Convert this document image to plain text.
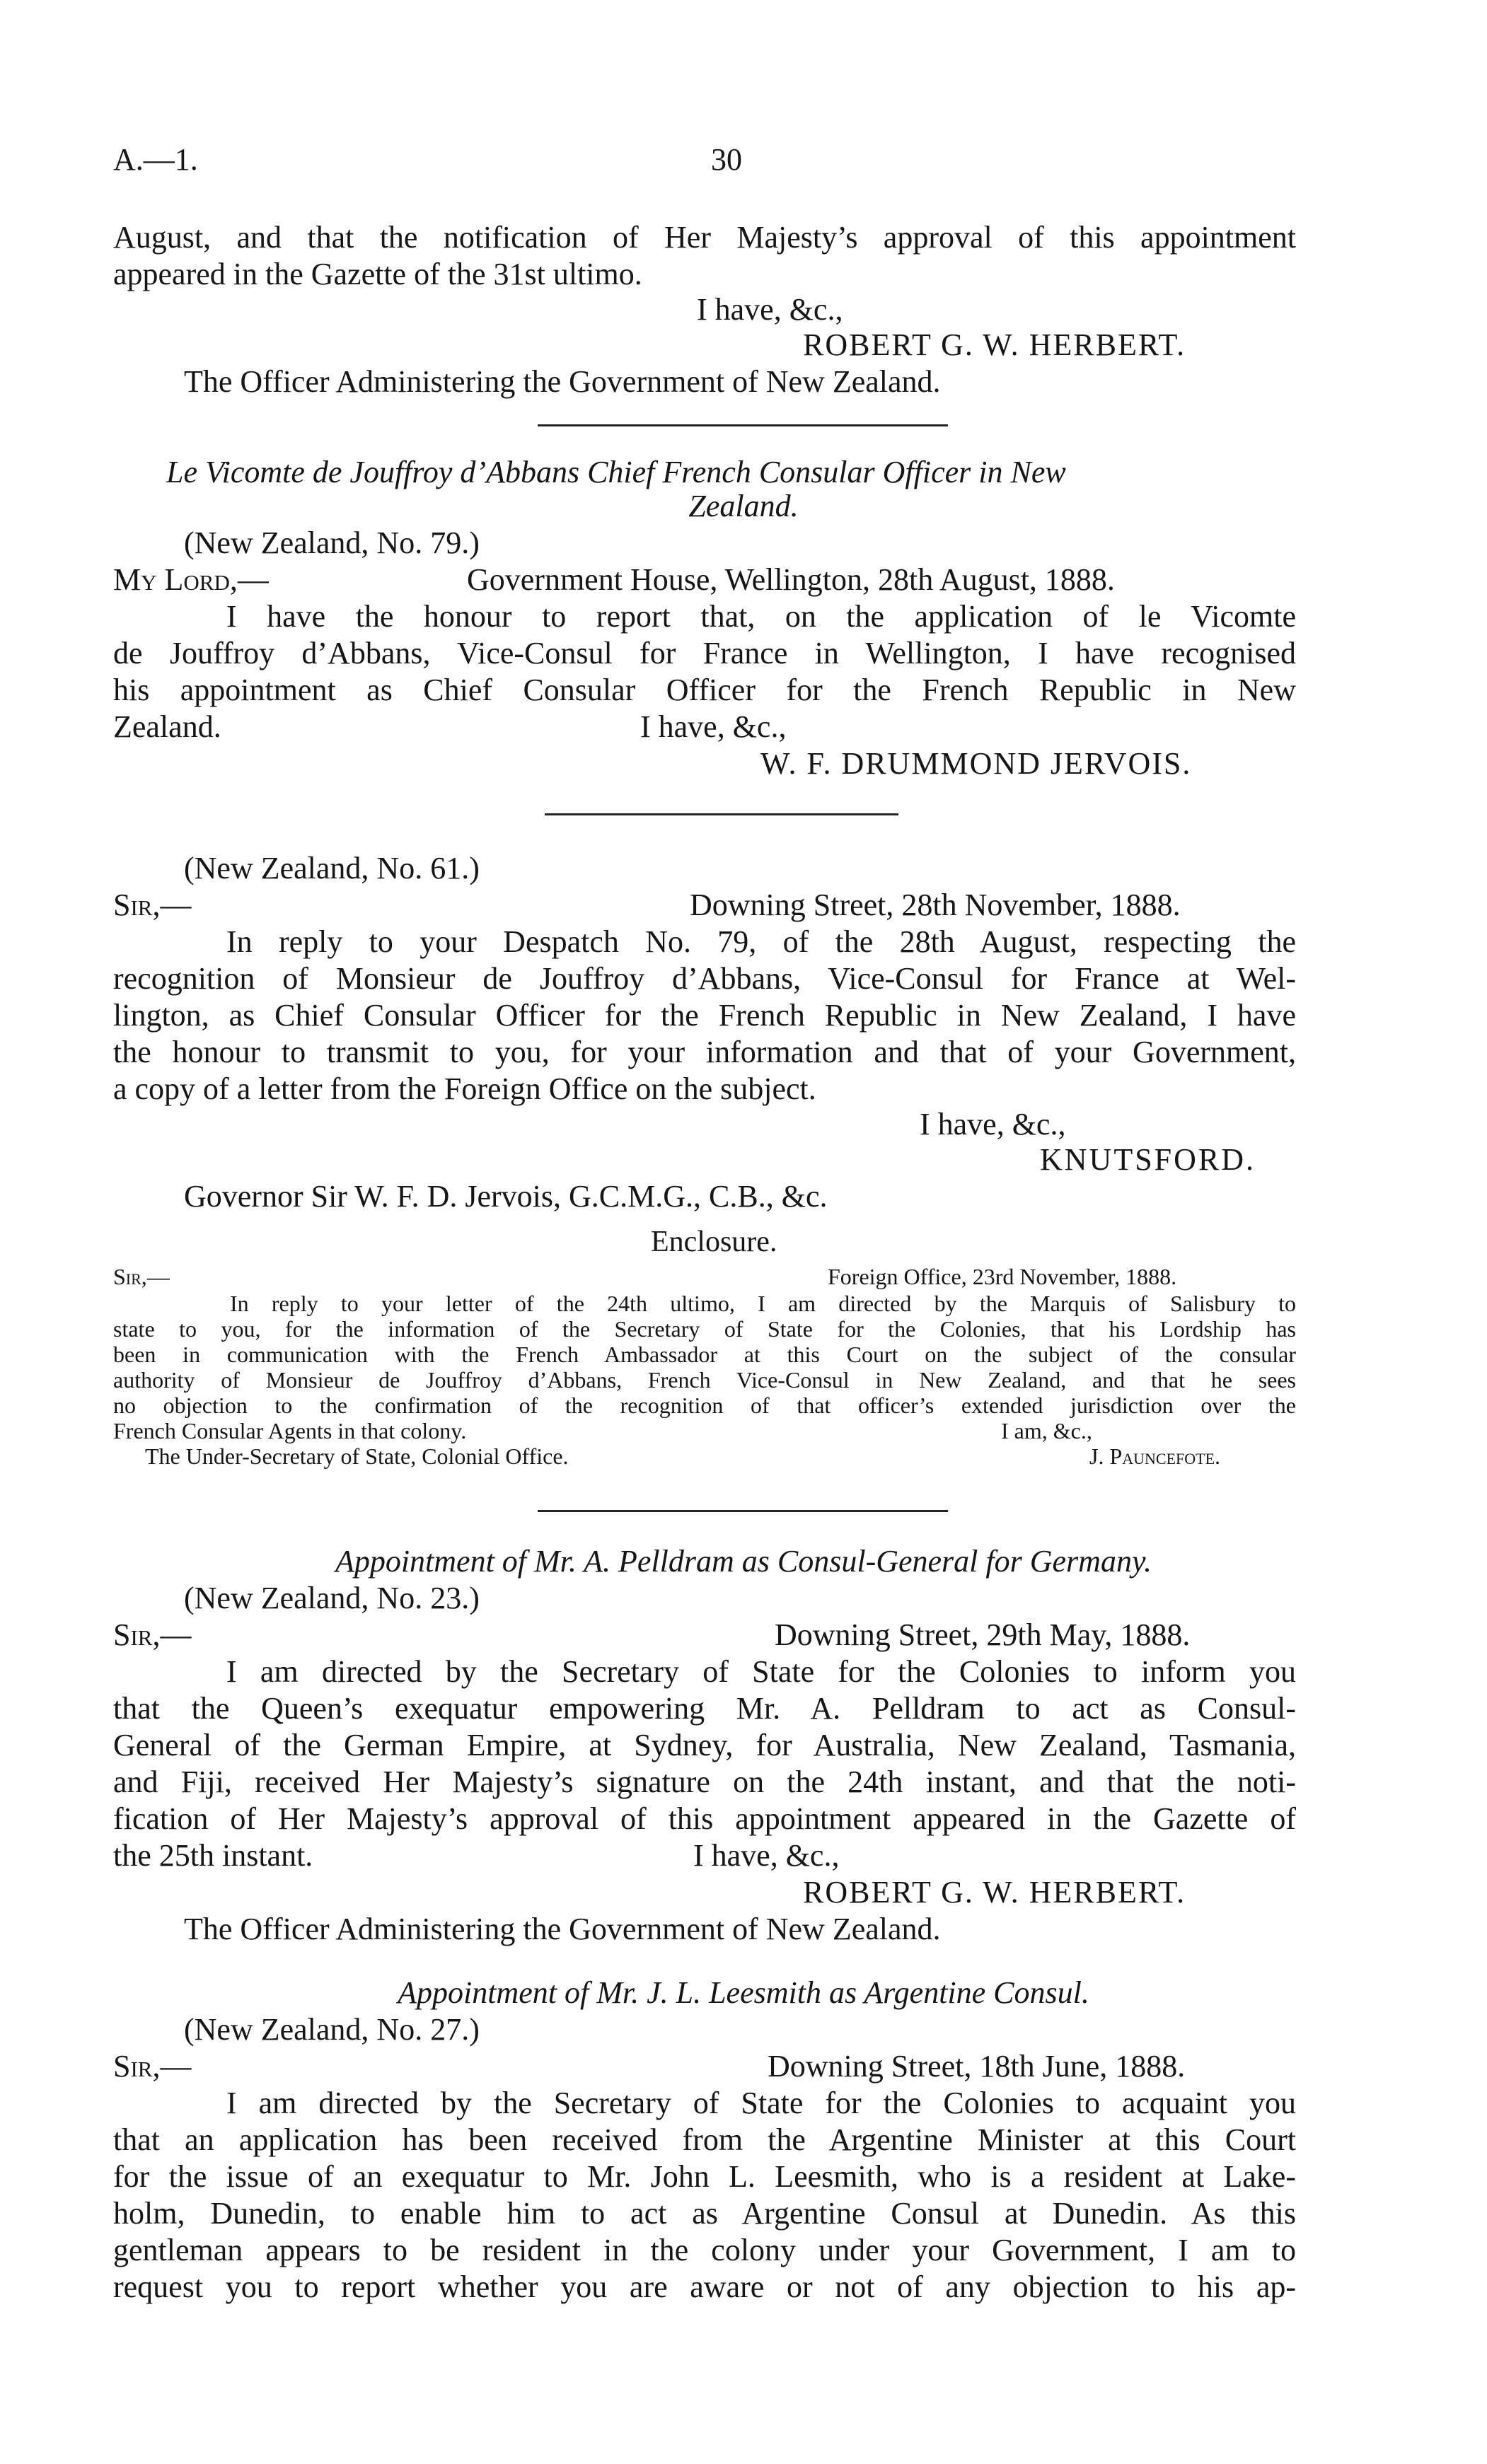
A.—1.	30
August, and that the notification of Her Majesty’s approval of this appointment
appeared in the Gazette of the 31st ultimo.
I have, &c.,
ROBERT G. W. HERBERT.
The Officer Administering the Government of New Zealand.
Le Vicomte de Jouffroy d’Abbans Chief French Consular Officer in New
Zealand.
(New Zealand, No. 79.)
My Lord,—	Government House, Wellington, 28th August, 1888.
I have the honour to report that, on the application of le Vicomte
de Jouffroy d’Abbans, Vice-Consul for France in Wellington, I have recognised
his appointment as Chief Consular Officer for the French Republic in New
Zealand.	I have, &c.,
W. F. DRUMMOND JERVOIS.
(New Zealand, No. 61.)
Sir,—	Downing Street, 28th November, 1888.
In reply to your Despatch No. 79, of the 28th August, respecting the
recognition of Monsieur de Jouffroy d’Abbans, Vice-Consul for France at Wel-
lington, as Chief Consular Officer for the French Republic in New Zealand, I have
the honour to transmit to you, for your information and that of your Government,
a copy of a letter from the Foreign Office on the subject.
I have, &c.,
KNUTSFORD.
Governor Sir W. F. D. Jervois, G.C.M.G., C.B., &c.
Enclosure.
Sir,—	Foreign Office, 23rd November, 1888.
In reply to your letter of the 24th ultimo, I am directed by the Marquis of Salisbury to
state to you, for the information of the Secretary of State for the Colonies, that his Lordship has
been in communication with the French Ambassador at this Court on the subject of the consular
authority of Monsieur de Jouffroy d’Abbans, French Vice-Consul in New Zealand, and that he sees
no objection to the confirmation of the recognition of that officer’s extended jurisdiction over the
French Consular Agents in that colony.	I am, &c.,
The Under-Secretary of State, Colonial Office.	J. Pauncefote.
Appointment of Mr. A. Pelldram as Consul-General for Germany.
(New Zealand, No. 23.)
Sir,—	Downing Street, 29th May, 1888.
I am directed by the Secretary of State for the Colonies to inform you
that the Queen’s exequatur empowering Mr. A. Pelldram to act as Consul-
General of the German Empire, at Sydney, for Australia, New Zealand, Tasmania,
and Fiji, received Her Majesty’s signature on the 24th instant, and that the noti-
fication of Her Majesty’s approval of this appointment appeared in the Gazette of
the 25th instant.	I have, &c.,
ROBERT G. W. HERBERT.
The Officer Administering the Government of New Zealand.
Appointment of Mr. J. L. Leesmith as Argentine Consul.
(New Zealand, No. 27.)
Sir,—	Downing Street, 18th June, 1888.
I am directed by the Secretary of State for the Colonies to acquaint you
that an application has been received from the Argentine Minister at this Court
for the issue of an exequatur to Mr. John L. Leesmith, who is a resident at Lake-
holm, Dunedin, to enable him to act as Argentine Consul at Dunedin. As this
gentleman appears to be resident in the colony under your Government, I am to
request you to report whether you are aware or not of any objection to his ap-
